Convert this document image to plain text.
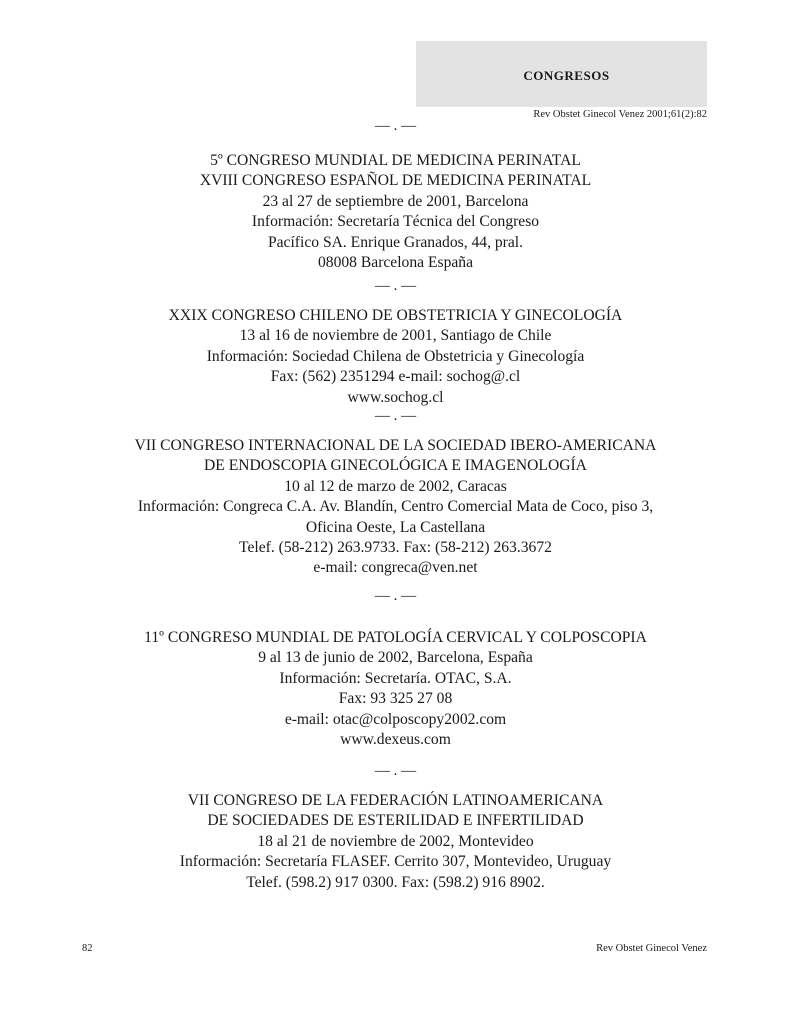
CONGRESOS
Rev Obstet Ginecol Venez 2001;61(2):82
— . —
— . —
— . —
— . —
— . —
5º CONGRESO MUNDIAL DE MEDICINA PERINATAL
XVIII CONGRESO ESPAÑOL DE MEDICINA PERINATAL
23 al 27 de septiembre de 2001, Barcelona
Información: Secretaría Técnica del Congreso
Pacífico SA. Enrique Granados, 44, pral.
08008 Barcelona España
XXIX CONGRESO CHILENO DE OBSTETRICIA Y GINECOLOGÍA
13 al 16 de noviembre de 2001, Santiago de Chile
Información: Sociedad Chilena de Obstetricia y Ginecología
Fax: (562) 2351294 e-mail: sochog@.cl
www.sochog.cl
VII CONGRESO INTERNACIONAL DE LA SOCIEDAD IBERO-AMERICANA
DE ENDOSCOPIA GINECOLÓGICA E IMAGENOLOGÍA
10 al 12 de marzo de 2002, Caracas
Información: Congreca C.A. Av. Blandín, Centro Comercial Mata de Coco, piso 3,
Oficina Oeste, La Castellana
Telef. (58-212) 263.9733. Fax: (58-212) 263.3672
e-mail: congreca@ven.net
11º CONGRESO MUNDIAL DE PATOLOGÍA CERVICAL Y COLPOSCOPIA
9 al 13 de junio de 2002, Barcelona, España
Información: Secretaría. OTAC, S.A.
Fax: 93 325 27 08
e-mail: otac@colposcopy2002.com
www.dexeus.com
VII CONGRESO DE LA FEDERACIÓN LATINOAMERICANA
DE SOCIEDADES DE ESTERILIDAD E INFERTILIDAD
18 al 21 de noviembre de 2002, Montevideo
Información: Secretaría FLASEF. Cerrito 307, Montevideo, Uruguay
Telef. (598.2) 917 0300. Fax: (598.2) 916 8902.
82	Rev Obstet Ginecol Venez
